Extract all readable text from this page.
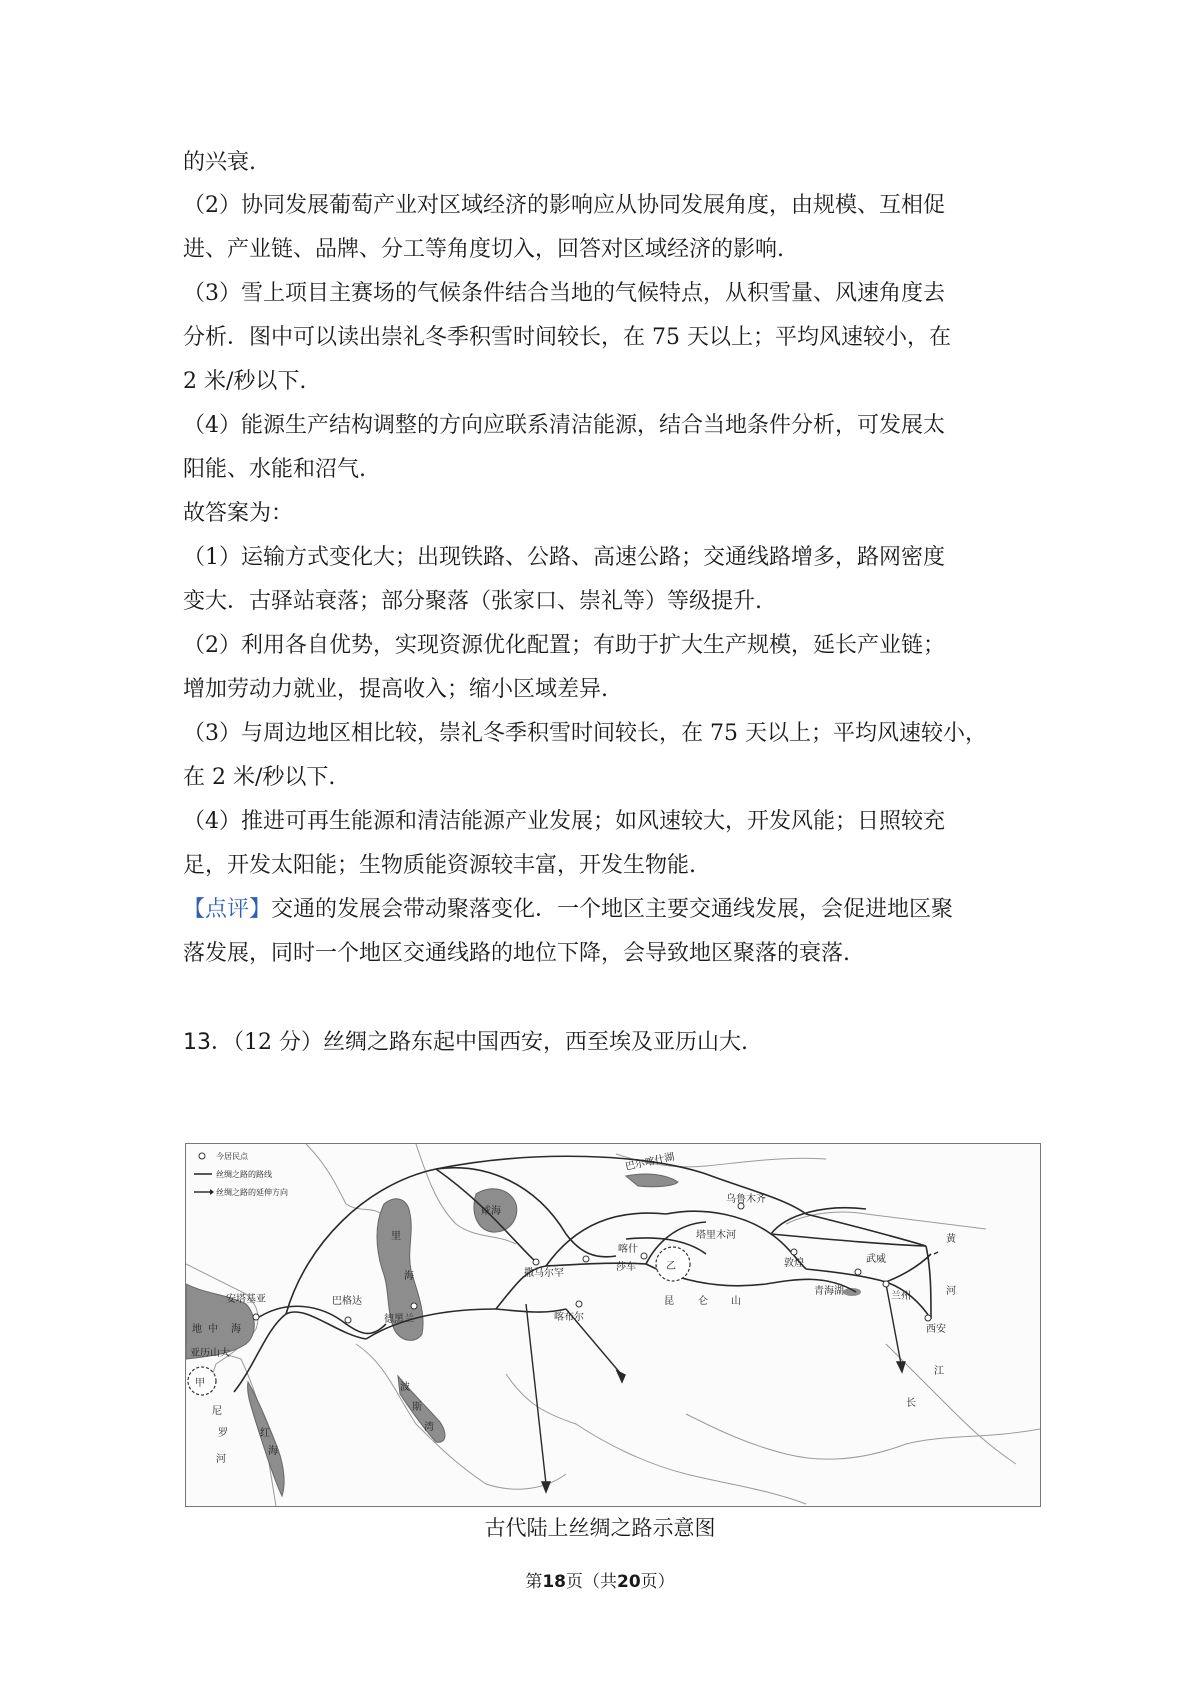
的兴衰.
（2）协同发展葡萄产业对区域经济的影响应从协同发展角度，由规模、互相促
进、产业链、品牌、分工等角度切入，回答对区域经济的影响.
（3）雪上项目主赛场的气候条件结合当地的气候特点，从积雪量、风速角度去
分析．图中可以读出崇礼冬季积雪时间较长，在 75 天以上；平均风速较小，在
2 米/秒以下.
（4）能源生产结构调整的方向应联系清洁能源，结合当地条件分析，可发展太
阳能、水能和沼气.
故答案为：
（1）运输方式变化大；出现铁路、公路、高速公路；交通线路增多，路网密度
变大．古驿站衰落；部分聚落（张家口、崇礼等）等级提升.
（2）利用各自优势，实现资源优化配置；有助于扩大生产规模，延长产业链；
增加劳动力就业，提高收入；缩小区域差异.
（3）与周边地区相比较，崇礼冬季积雪时间较长，在 75 天以上；平均风速较小，
在 2 米/秒以下.
（4）推进可再生能源和清洁能源产业发展；如风速较大，开发风能；日照较充
足，开发太阳能；生物质能资源较丰富，开发生物能.
【点评】交通的发展会带动聚落变化．一个地区主要交通线发展，会促进地区聚
落发展，同时一个地区交通线路的地位下降，会导致地区聚落的衰落.
13．（12 分）丝绸之路东起中国西安，西至埃及亚历山大.
甲
乙
今居民点
丝绸之路的路线
丝绸之路的延伸方向
巴尔喀什湖
乌鲁木齐
咸海
里
海
喀什
莎车
塔里木河
撒马尔罕
敦煌	武威
兰州
西安
青海湖
黄
河
江
长
昆 仑 山
喀布尔
德黑兰
巴格达
安塔基亚
地 中 海
亚历山大
尼
罗
河
红
海
波
斯
湾
古代陆上丝绸之路示意图
第18页（共20页）
